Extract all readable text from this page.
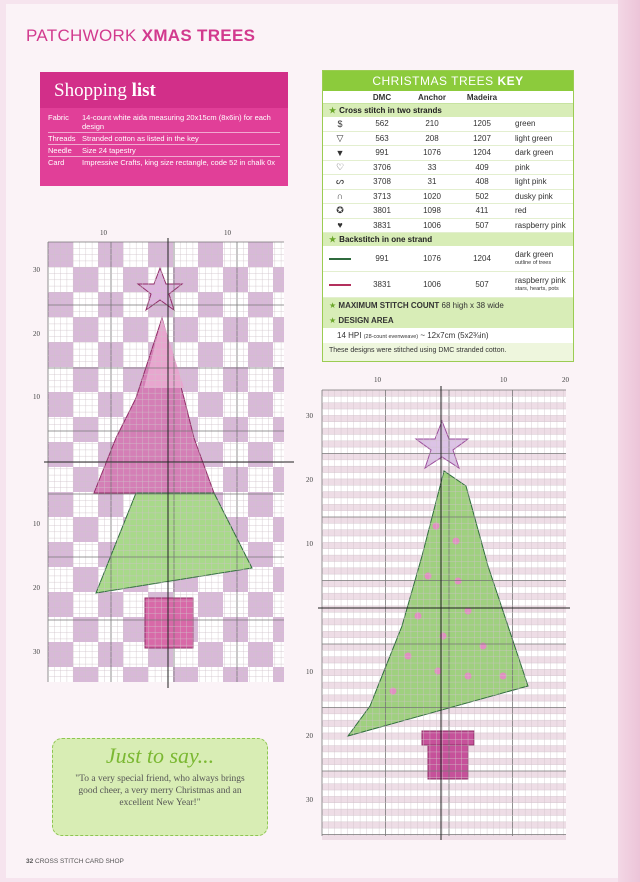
PATCHWORK XMAS TREES
Shopping list
Fabric	14-count white aida measuring 20x15cm (8x6in) for each design
Threads Stranded cotton as listed in the key
Needle	Size 24 tapestry
Card	Impressive Crafts, king size rectangle, code 52 in chalk 0x
CHRISTMAS TREES KEY
DMC	Anchor	Madeira
★ Cross stitch in two strands
$	562	210	1205	green
▽	563	208	1207	light green
▼	991	1076	1204	dark green
♡	3706	33	409	pink
ᔕ	3708	31	408	light pink
∩	3713	1020	502	dusky pink
✪	3801	1098	411	red
♥	3831	1006	507	raspberry pink
★ Backstitch in one strand
991	1076	1204	dark green
outline of trees
3831	1006	507	raspberry pink
stars, hearts, pots
★ MAXIMUM STITCH COUNT 68 high x 38 wide
★ DESIGN AREA
14 HPI (28-count evenweave) ~ 12x7cm (5x2¾in)
These designs were stitched using DMC stranded cotton.
10	10
30
20
10
10
20
30
10	10	20
30
20
10
10
20
30
Just to say...
"To a very special friend, who always brings good cheer, a very merry Christmas and an excellent New Year!"
32 CROSS STITCH CARD SHOP
